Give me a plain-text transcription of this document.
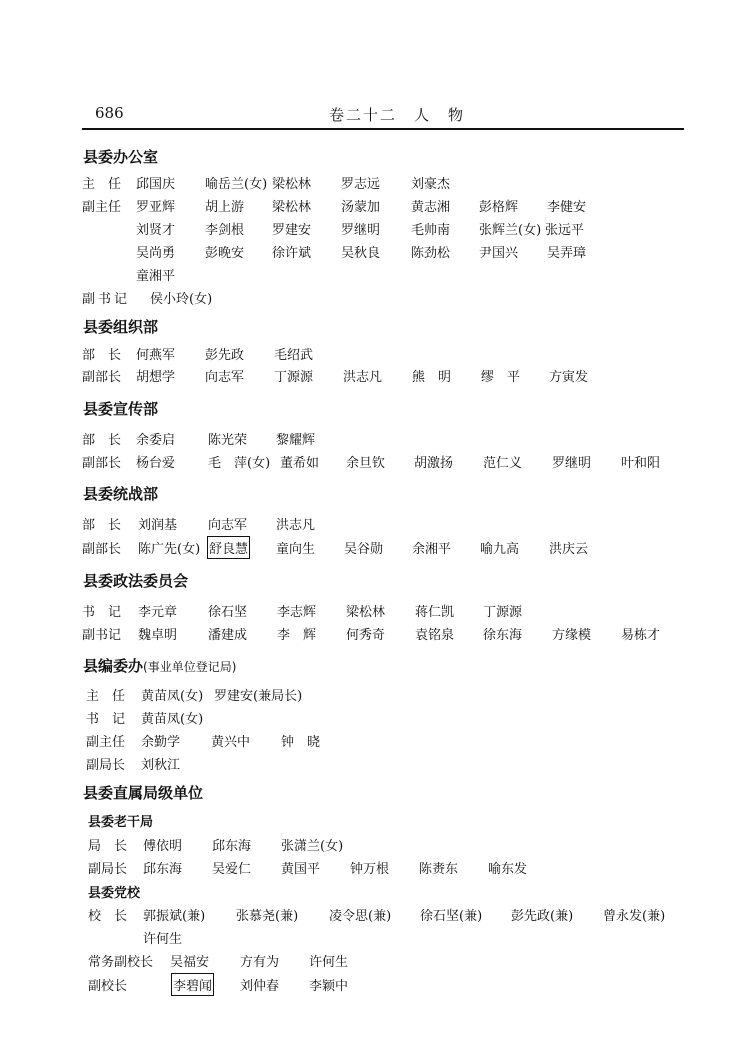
686	卷二十二　人　物
县委办公室
主　任 邱国庆 喻岳兰(女) 梁松林 罗志远 刘豪杰
副主任 罗亚辉 胡上游 梁松林 汤蒙加 黄志湘 彭格辉 李健安
刘贤才 李剑根 罗建安 罗继明 毛帅南 张辉兰(女) 张远平
吴尚勇 彭晚安 徐许斌 吴秋良 陈劲松 尹国兴 吴弄璋
童湘平
副书记 侯小玲(女)
县委组织部
部　长 何燕军 彭先政 毛绍武
副部长 胡想学 向志军 丁源源 洪志凡 熊　明 缪　平 方寅发
县委宣传部
部　长 余委启	陈光荣 黎耀辉
副部长 杨台爱	毛　萍(女) 董希如 余旦钦 胡激扬 范仁义 罗继明 叶和阳
县委统战部
部　长 刘润基 向志军 洪志凡
副部长 陈广先(女) 舒良慧 童向生 吴谷勋 余湘平 喻九高 洪庆云
县委政法委员会
书　记 李元章 徐石坚 李志辉 梁松林 蒋仁凯 丁源源
副书记 魏卓明 潘建成 李　辉 何秀奇 袁铭泉 徐东海 方缘模 易栋才
县编委办(事业单位登记局)
主　任 黄苗凤(女) 罗建安(兼局长)
书　记 黄苗凤(女)
副主任 余勤学 黄兴中 钟　晓
副局长 刘秋江
县委直属局级单位
县委老干局
局　长 傅依明 邱东海 张潇兰(女)
副局长 邱东海 吴爱仁 黄国平 钟万根 陈赉东 喻东发
县委党校
校　长 郭振斌(兼) 张慕尧(兼) 凌令思(兼) 徐石坚(兼) 彭先政(兼) 曾永发(兼)
许何生
常务副校长 吴福安 方有为 许何生
副校长	李碧闻 刘仲春 李颖中
